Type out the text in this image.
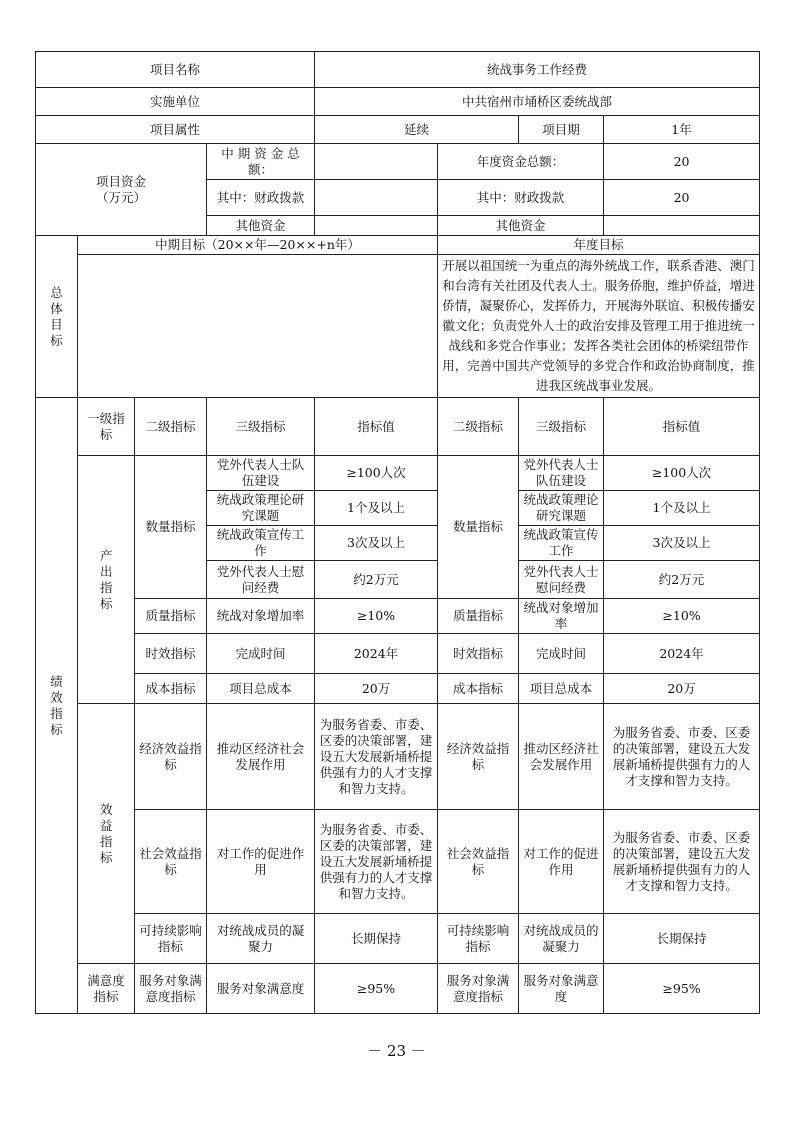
项目名称				统战事务工作经费			
实施单位				中共宿州市埇桥区委统战部			
项目属性				延续		项目期	1年

项目资金
（万元）			中 期 资 金 总 额：		年度资金总额：		20
			其中：财政拨款		其中：财政拨款		20
			其他资金		其他资金		
总体目标	中期目标（20××年—20××+n年）				年度目标		
					开展以祖国统一为重点的海外统战工作，联系香港、澳门和台湾有关社团及代表人士。服务侨胞，维护侨益，增进侨情，凝聚侨心，发挥侨力，开展海外联谊、积极传播安徽文化；负责党外人士的政治安排及管理工用于推进统一战线和多党合作事业；发挥各类社会团体的桥梁纽带作用，完善中国共产党领导的多党合作和政治协商制度，推进我区统战事业发展。		
绩效指标	一级指标	二级指标	三级指标	指标值	二级指标	三级指标	指标值
	产出指标	数量指标	党外代表人士队伍建设	≥100人次	数量指标	党外代表人士队伍建设	≥100人次
			统战政策理论研究课题	1个及以上		统战政策理论研究课题	1个及以上
			统战政策宣传工作	3次及以上		统战政策宣传工作	3次及以上
			党外代表人士慰问经费	约2万元		党外代表人士慰问经费	约2万元
		质量指标	统战对象增加率	≥10%	质量指标	统战对象增加率	≥10%
		时效指标	完成时间	2024年	时效指标	完成时间	2024年
		成本指标	项目总成本	20万	成本指标	项目总成本	20万
	效益指标	经济效益指标	推动区经济社会发展作用	为服务省委、市委、区委的决策部署，建设五大发展新埇桥提供强有力的人才支撑和智力支持。	经济效益指标	推动区经济社会发展作用	为服务省委、市委、区委的决策部署，建设五大发展新埇桥提供强有力的人才支撑和智力支持。
		社会效益指标	对工作的促进作用	为服务省委、市委、区委的决策部署，建设五大发展新埇桥提供强有力的人才支撑和智力支持。	社会效益指标	对工作的促进作用	为服务省委、市委、区委的决策部署，建设五大发展新埇桥提供强有力的人才支撑和智力支持。
		可持续影响指标	对统战成员的凝聚力	长期保持	可持续影响指标	对统战成员的凝聚力	长期保持
	满意度指标	服务对象满意度指标	服务对象满意度	≥95%	服务对象满意度指标	服务对象满意度	≥95%
－ 23 －
